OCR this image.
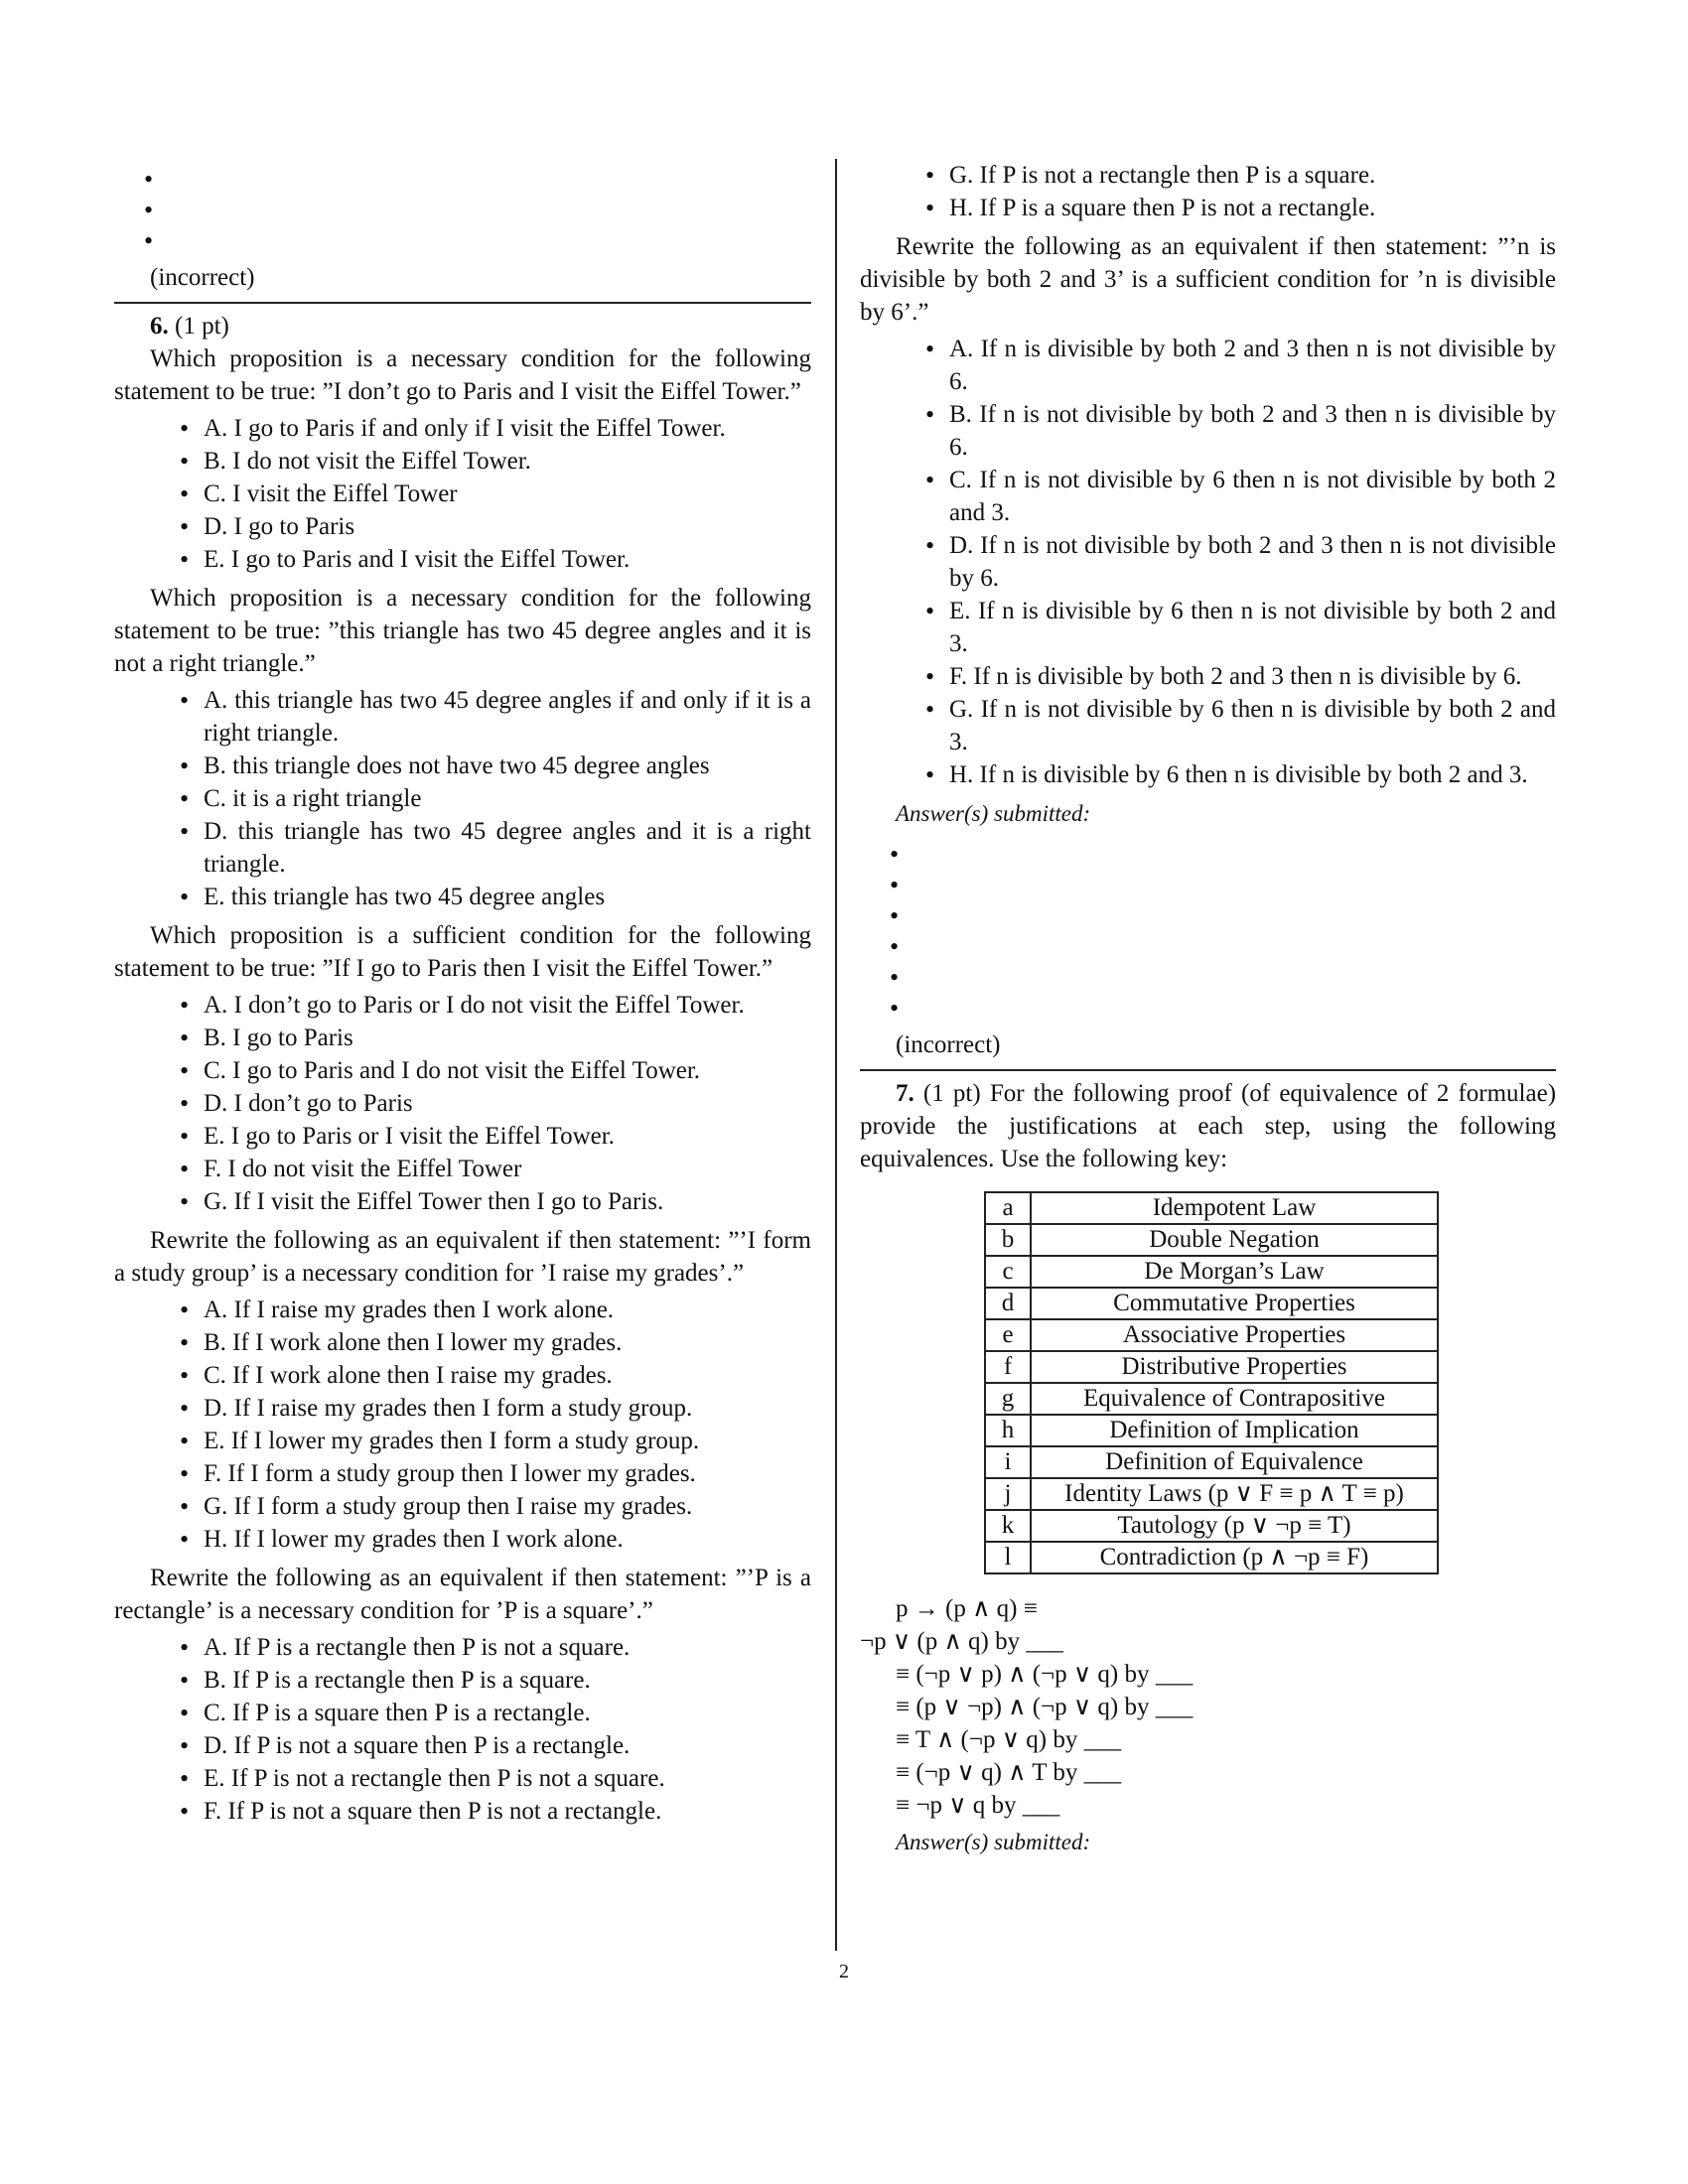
•
•
•
(incorrect)

6. (1 pt)

Which proposition is a necessary condition for the following statement to be true: ”I don’t go to Paris and I visit the Eiffel Tower.”

• A. I go to Paris if and only if I visit the Eiffel Tower.
• B. I do not visit the Eiffel Tower.
• C. I visit the Eiffel Tower
• D. I go to Paris
• E. I go to Paris and I visit the Eiffel Tower.

Which proposition is a necessary condition for the following statement to be true: ”this triangle has two 45 degree angles and it is not a right triangle.”

• A. this triangle has two 45 degree angles if and only if it is a right triangle.
• B. this triangle does not have two 45 degree angles
• C. it is a right triangle
• D. this triangle has two 45 degree angles and it is a right triangle.
• E. this triangle has two 45 degree angles

Which proposition is a sufficient condition for the following statement to be true: ”If I go to Paris then I visit the Eiffel Tower.”

• A. I don’t go to Paris or I do not visit the Eiffel Tower.
• B. I go to Paris
• C. I go to Paris and I do not visit the Eiffel Tower.
• D. I don’t go to Paris
• E. I go to Paris or I visit the Eiffel Tower.
• F. I do not visit the Eiffel Tower
• G. If I visit the Eiffel Tower then I go to Paris.

Rewrite the following as an equivalent if then statement: ”’I form a study group’ is a necessary condition for ’I raise my grades’.”

• A. If I raise my grades then I work alone.
• B. If I work alone then I lower my grades.
• C. If I work alone then I raise my grades.
• D. If I raise my grades then I form a study group.
• E. If I lower my grades then I form a study group.
• F. If I form a study group then I lower my grades.
• G. If I form a study group then I raise my grades.
• H. If I lower my grades then I work alone.

Rewrite the following as an equivalent if then statement: ”’P is a rectangle’ is a necessary condition for ’P is a square’.”

• A. If P is a rectangle then P is not a square.
• B. If P is a rectangle then P is a square.
• C. If P is a square then P is a rectangle.
• D. If P is not a square then P is a rectangle.
• E. If P is not a rectangle then P is not a square.
• F. If P is not a square then P is not a rectangle.
• G. If P is not a rectangle then P is a square.
• H. If P is a square then P is not a rectangle.

Rewrite the following as an equivalent if then statement: ”’n is divisible by both 2 and 3’ is a sufficient condition for ’n is divisible by 6’.”

• A. If n is divisible by both 2 and 3 then n is not divisible by 6.
• B. If n is not divisible by both 2 and 3 then n is divisible by 6.
• C. If n is not divisible by 6 then n is not divisible by both 2 and 3.
• D. If n is not divisible by both 2 and 3 then n is not divisible by 6.
• E. If n is divisible by 6 then n is not divisible by both 2 and 3.
• F. If n is divisible by both 2 and 3 then n is divisible by 6.
• G. If n is not divisible by 6 then n is divisible by both 2 and 3.
• H. If n is divisible by 6 then n is divisible by both 2 and 3.
Answer(s) submitted:
•
•
•
•
•
•
(incorrect)

7. (1 pt) For the following proof (of equivalence of 2 formulae) provide the justifications at each step, using the following equivalences. Use the following key:

a	Idempotent Law
b	Double Negation
c	De Morgan’s Law
d	Commutative Properties
e	Associative Properties
f	Distributive Properties
g	Equivalence of Contrapositive
h	Definition of Implication
i	Definition of Equivalence
j	Identity Laws (p ∨ F ≡ p ∧ T ≡ p)
k	Tautology (p ∨ ¬p ≡ T)
l	Contradiction (p ∧ ¬p ≡ F)
p → (p ∧ q) ≡
¬p ∨ (p ∧ q) by ___
≡ (¬p ∨ p) ∧ (¬p ∨ q) by ___
≡ (p ∨ ¬p) ∧ (¬p ∨ q) by ___
≡ T ∧ (¬p ∨ q) by ___
≡ (¬p ∨ q) ∧ T by ___
≡ ¬p ∨ q by ___
Answer(s) submitted:
2
